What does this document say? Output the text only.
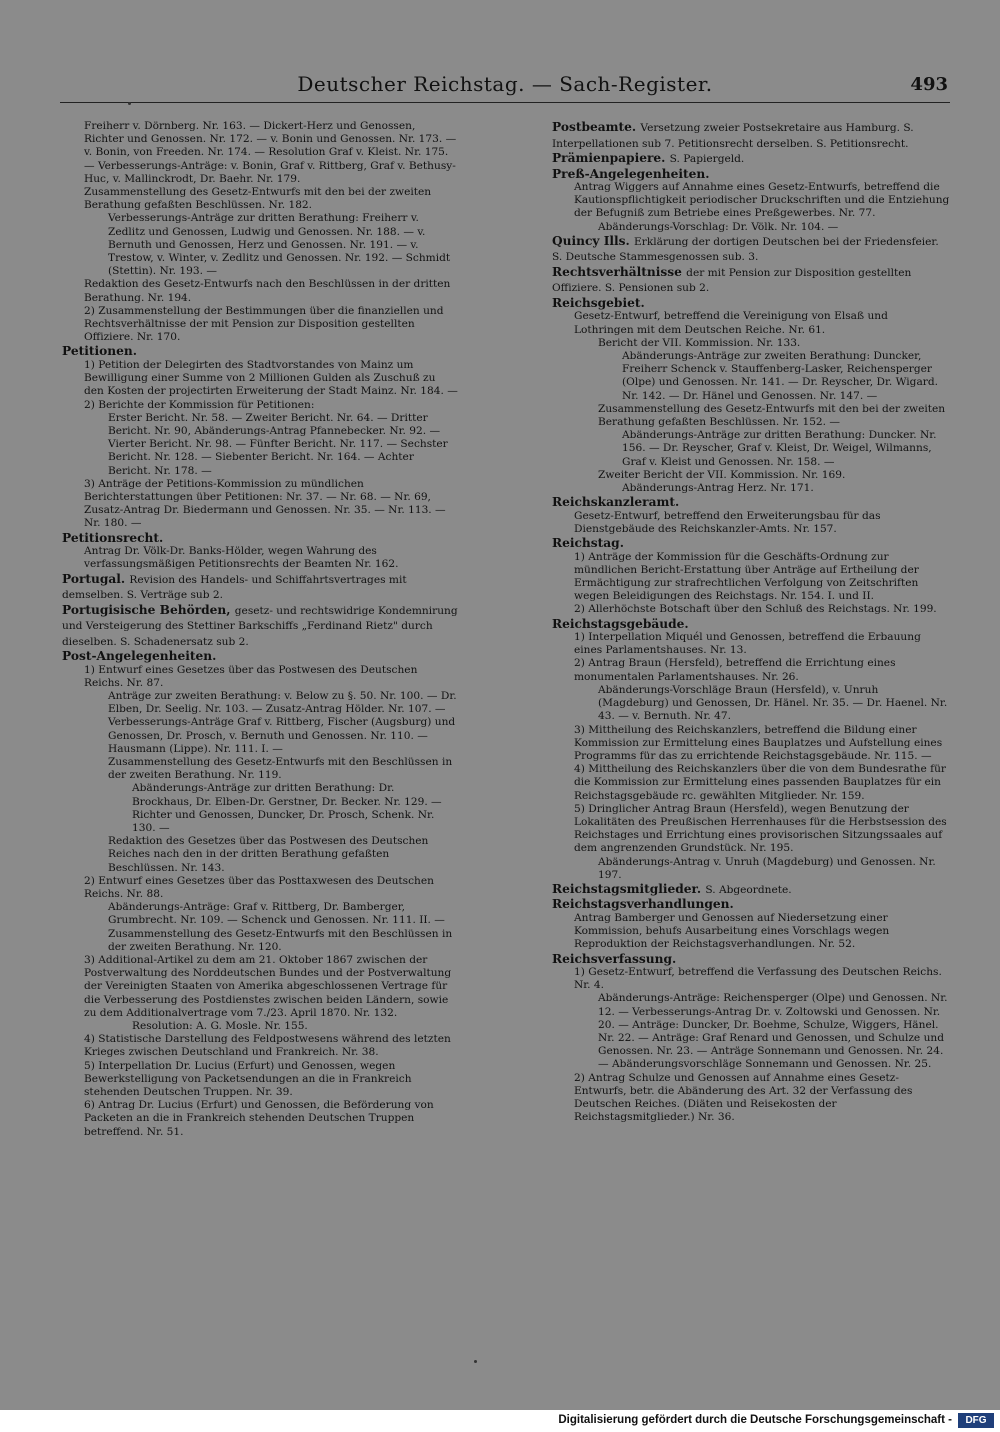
Deutscher Reichstag. — Sach-Register.	493

Freiherr v. Dörnberg. Nr. 163. — Dickert-Herz und Genossen, Richter und Genossen. Nr. 172. — v. Bonin und Genossen. Nr. 173. — v. Bonin, von Freeden. Nr. 174. — Resolution Graf v. Kleist. Nr. 175. — Verbesserungs-Anträge: v. Bonin, Graf v. Rittberg, Graf v. Bethusy-Huc, v. Mallinckrodt, Dr. Baehr. Nr. 179.

Zusammenstellung des Gesetz-Entwurfs mit den bei der zweiten Berathung gefaßten Beschlüssen. Nr. 182.

Verbesserungs-Anträge zur dritten Berathung: Freiherr v. Zedlitz und Genossen, Ludwig und Genossen. Nr. 188. — v. Bernuth und Genossen, Herz und Genossen. Nr. 191. — v. Trestow, v. Winter, v. Zedlitz und Genossen. Nr. 192. — Schmidt (Stettin). Nr. 193. —

Redaktion des Gesetz-Entwurfs nach den Beschlüssen in der dritten Berathung. Nr. 194.

2) Zusammenstellung der Bestimmungen über die finanziellen und Rechtsverhältnisse der mit Pension zur Disposition gestellten Offiziere. Nr. 170.

Petitionen.

1) Petition der Delegirten des Stadtvorstandes von Mainz um Bewilligung einer Summe von 2 Millionen Gulden als Zuschuß zu den Kosten der projectirten Erweiterung der Stadt Mainz. Nr. 184. —

2) Berichte der Kommission für Petitionen:

Erster Bericht. Nr. 58. — Zweiter Bericht. Nr. 64. — Dritter Bericht. Nr. 90, Abänderungs-Antrag Pfannebecker. Nr. 92. — Vierter Bericht. Nr. 98. — Fünfter Bericht. Nr. 117. — Sechster Bericht. Nr. 128. — Siebenter Bericht. Nr. 164. — Achter Bericht. Nr. 178. —

3) Anträge der Petitions-Kommission zu mündlichen Berichterstattungen über Petitionen: Nr. 37. — Nr. 68. — Nr. 69, Zusatz-Antrag Dr. Biedermann und Genossen. Nr. 35. — Nr. 113. — Nr. 180. —

Petitionsrecht.

Antrag Dr. Völk-Dr. Banks-Hölder, wegen Wahrung des verfassungsmäßigen Petitionsrechts der Beamten Nr. 162.

Portugal. Revision des Handels- und Schiffahrtsvertrages mit demselben. S. Verträge sub 2.

Portugisische Behörden, gesetz- und rechtswidrige Kondemnirung und Versteigerung des Stettiner Barkschiffs „Ferdinand Rietz" durch dieselben. S. Schadenersatz sub 2.

Post-Angelegenheiten.

1) Entwurf eines Gesetzes über das Postwesen des Deutschen Reichs. Nr. 87.

Anträge zur zweiten Berathung: v. Below zu §. 50. Nr. 100. — Dr. Elben, Dr. Seelig. Nr. 103. — Zusatz-Antrag Hölder. Nr. 107. — Verbesserungs-Anträge Graf v. Rittberg, Fischer (Augsburg) und Genossen, Dr. Prosch, v. Bernuth und Genossen. Nr. 110. — Hausmann (Lippe). Nr. 111. I. —

Zusammenstellung des Gesetz-Entwurfs mit den Beschlüssen in der zweiten Berathung. Nr. 119.

Abänderungs-Anträge zur dritten Berathung: Dr. Brockhaus, Dr. Elben-Dr. Gerstner, Dr. Becker. Nr. 129. — Richter und Genossen, Duncker, Dr. Prosch, Schenk. Nr. 130. —

Redaktion des Gesetzes über das Postwesen des Deutschen Reiches nach den in der dritten Berathung gefaßten Beschlüssen. Nr. 143.

2) Entwurf eines Gesetzes über das Posttaxwesen des Deutschen Reichs. Nr. 88.

Abänderungs-Anträge: Graf v. Rittberg, Dr. Bamberger, Grumbrecht. Nr. 109. — Schenck und Genossen. Nr. 111. II. —

Zusammenstellung des Gesetz-Entwurfs mit den Beschlüssen in der zweiten Berathung. Nr. 120.

3) Additional-Artikel zu dem am 21. Oktober 1867 zwischen der Postverwaltung des Norddeutschen Bundes und der Postverwaltung der Vereinigten Staaten von Amerika abgeschlossenen Vertrage für die Verbesserung des Postdienstes zwischen beiden Ländern, sowie zu dem Additionalvertrage vom 7./23. April 1870. Nr. 132.

Resolution: A. G. Mosle. Nr. 155.

4) Statistische Darstellung des Feldpostwesens während des letzten Krieges zwischen Deutschland und Frankreich. Nr. 38.

5) Interpellation Dr. Lucius (Erfurt) und Genossen, wegen Bewerkstelligung von Packetsendungen an die in Frankreich stehenden Deutschen Truppen. Nr. 39.

6) Antrag Dr. Lucius (Erfurt) und Genossen, die Beförderung von Packeten an die in Frankreich stehenden Deutschen Truppen betreffend. Nr. 51.

Postbeamte. Versetzung zweier Postsekretaire aus Hamburg. S. Interpellationen sub 7. Petitionsrecht derselben. S. Petitionsrecht.

Prämienpapiere. S. Papiergeld.

Preß-Angelegenheiten.

Antrag Wiggers auf Annahme eines Gesetz-Entwurfs, betreffend die Kautionspflichtigkeit periodischer Druckschriften und die Entziehung der Befugniß zum Betriebe eines Preßgewerbes. Nr. 77.

Abänderungs-Vorschlag: Dr. Völk. Nr. 104. —

Quincy Ills. Erklärung der dortigen Deutschen bei der Friedensfeier. S. Deutsche Stammesgenossen sub. 3.

Rechtsverhältnisse der mit Pension zur Disposition gestellten Offiziere. S. Pensionen sub 2.

Reichsgebiet.

Gesetz-Entwurf, betreffend die Vereinigung von Elsaß und Lothringen mit dem Deutschen Reiche. Nr. 61.

Bericht der VII. Kommission. Nr. 133.

Abänderungs-Anträge zur zweiten Berathung: Duncker, Freiherr Schenck v. Stauffenberg-Lasker, Reichensperger (Olpe) und Genossen. Nr. 141. — Dr. Reyscher, Dr. Wigard. Nr. 142. — Dr. Hänel und Genossen. Nr. 147. —

Zusammenstellung des Gesetz-Entwurfs mit den bei der zweiten Berathung gefaßten Beschlüssen. Nr. 152. —

Abänderungs-Anträge zur dritten Berathung: Duncker. Nr. 156. — Dr. Reyscher, Graf v. Kleist, Dr. Weigel, Wilmanns, Graf v. Kleist und Genossen. Nr. 158. —

Zweiter Bericht der VII. Kommission. Nr. 169.

Abänderungs-Antrag Herz. Nr. 171.

Reichskanzleramt.

Gesetz-Entwurf, betreffend den Erweiterungsbau für das Dienstgebäude des Reichskanzler-Amts. Nr. 157.

Reichstag.

1) Anträge der Kommission für die Geschäfts-Ordnung zur mündlichen Bericht-Erstattung über Anträge auf Ertheilung der Ermächtigung zur strafrechtlichen Verfolgung von Zeitschriften wegen Beleidigungen des Reichstags. Nr. 154. I. und II.

2) Allerhöchste Botschaft über den Schluß des Reichstags. Nr. 199.

Reichstagsgebäude.

1) Interpellation Miquél und Genossen, betreffend die Erbauung eines Parlamentshauses. Nr. 13.

2) Antrag Braun (Hersfeld), betreffend die Errichtung eines monumentalen Parlamentshauses. Nr. 26.

Abänderungs-Vorschläge Braun (Hersfeld), v. Unruh (Magdeburg) und Genossen, Dr. Hänel. Nr. 35. — Dr. Haenel. Nr. 43. — v. Bernuth. Nr. 47.

3) Mittheilung des Reichskanzlers, betreffend die Bildung einer Kommission zur Ermittelung eines Bauplatzes und Aufstellung eines Programms für das zu errichtende Reichstagsgebäude. Nr. 115. —

4) Mittheilung des Reichskanzlers über die von dem Bundesrathe für die Kommission zur Ermittelung eines passenden Bauplatzes für ein Reichstagsgebäude rc. gewählten Mitglieder. Nr. 159.

5) Dringlicher Antrag Braun (Hersfeld), wegen Benutzung der Lokalitäten des Preußischen Herrenhauses für die Herbstsession des Reichstages und Errichtung eines provisorischen Sitzungssaales auf dem angrenzenden Grundstück. Nr. 195.

Abänderungs-Antrag v. Unruh (Magdeburg) und Genossen. Nr. 197.

Reichstagsmitglieder. S. Abgeordnete.

Reichstagsverhandlungen.

Antrag Bamberger und Genossen auf Niedersetzung einer Kommission, behufs Ausarbeitung eines Vorschlags wegen Reproduktion der Reichstagsverhandlungen. Nr. 52.

Reichsverfassung.

1) Gesetz-Entwurf, betreffend die Verfassung des Deutschen Reichs. Nr. 4.

Abänderungs-Anträge: Reichensperger (Olpe) und Genossen. Nr. 12. — Verbesserungs-Antrag Dr. v. Zoltowski und Genossen. Nr. 20. — Anträge: Duncker, Dr. Boehme, Schulze, Wiggers, Hänel. Nr. 22. — Anträge: Graf Renard und Genossen, und Schulze und Genossen. Nr. 23. — Anträge Sonnemann und Genossen. Nr. 24. — Abänderungsvorschläge Sonnemann und Genossen. Nr. 25.

2) Antrag Schulze und Genossen auf Annahme eines Gesetz-Entwurfs, betr. die Abänderung des Art. 32 der Verfassung des Deutschen Reiches. (Diäten und Reisekosten der Reichstagsmitglieder.) Nr. 36.

Digitalisierung gefördert durch die Deutsche Forschungsgemeinschaft -	DFG
